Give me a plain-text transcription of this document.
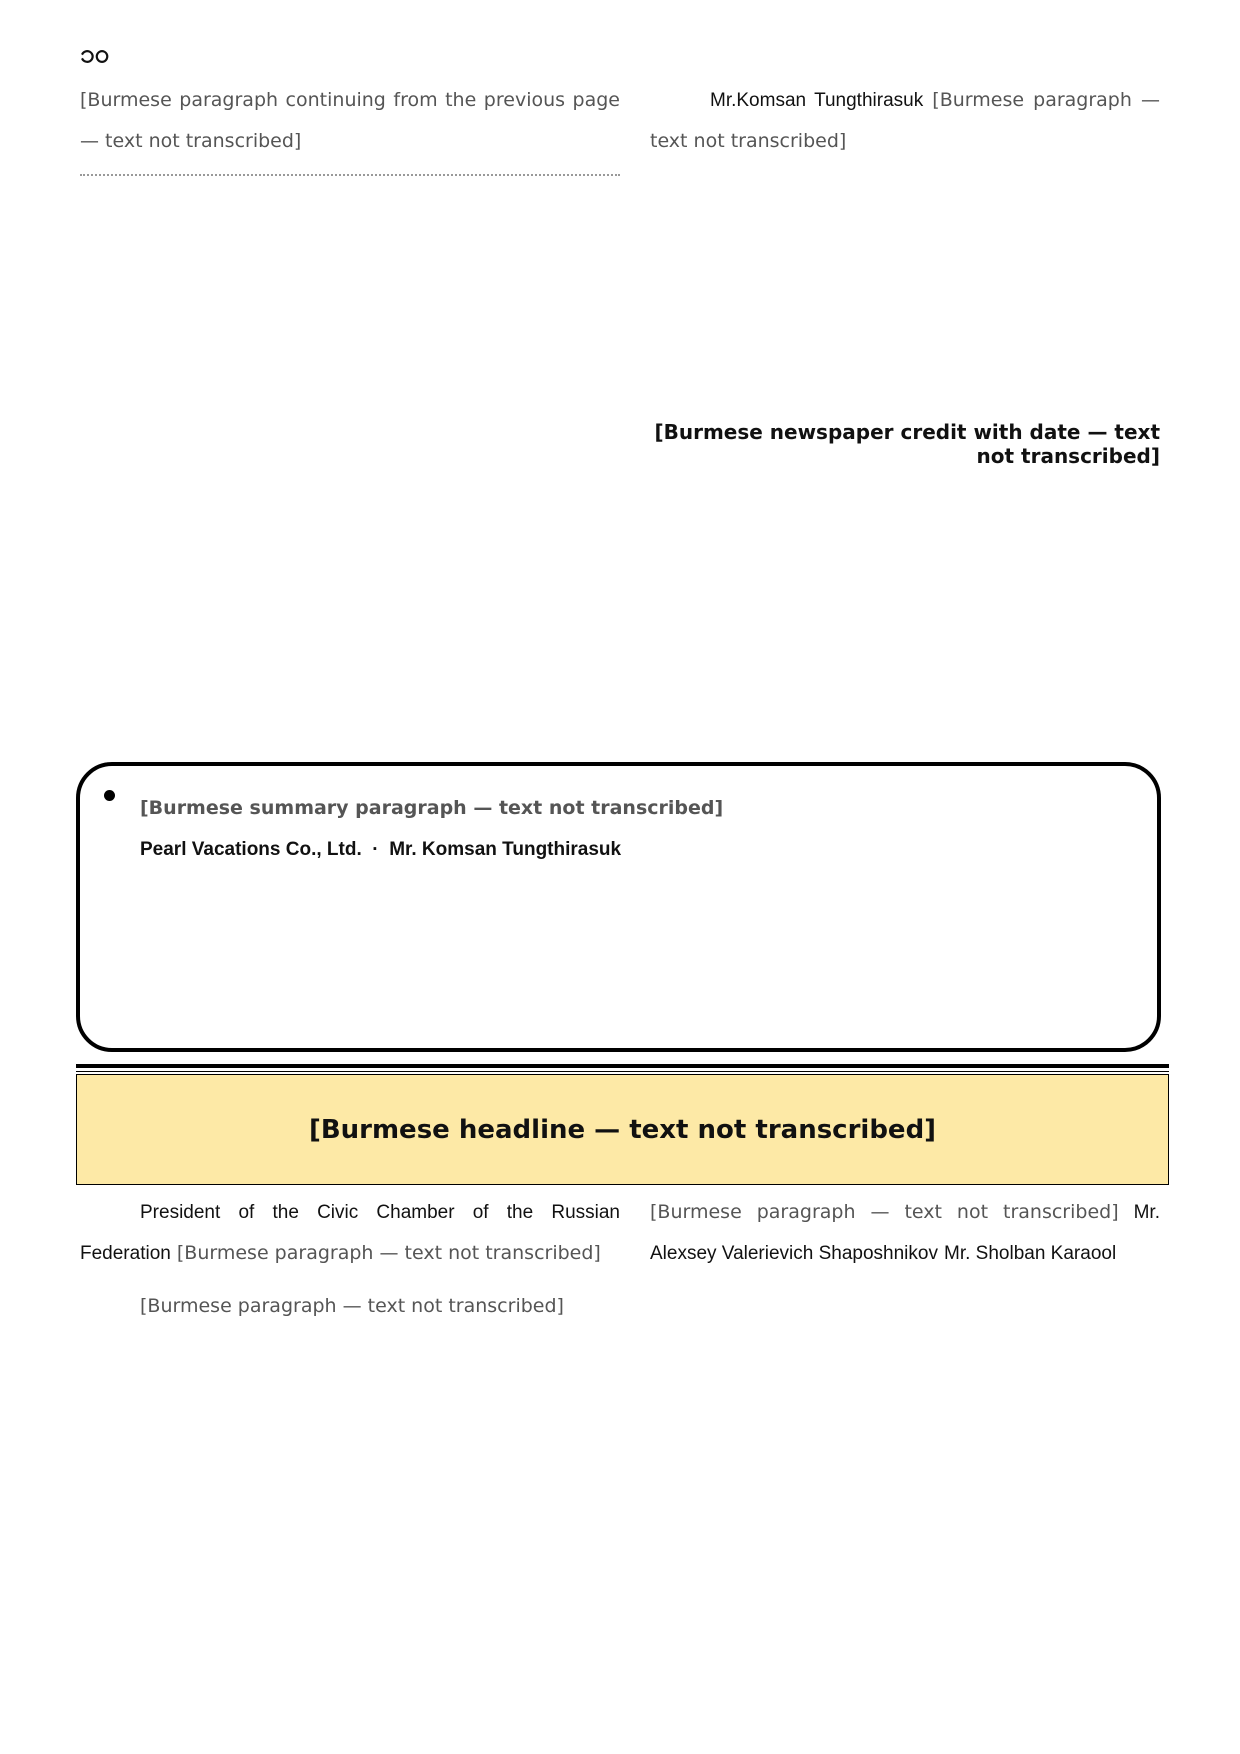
၁၀

[Burmese paragraph continuing from the previous page — text not transcribed]

Mr.Komsan Tungthirasuk [Burmese paragraph — text not transcribed]

[Burmese newspaper credit with date — text not transcribed]
[Burmese summary paragraph — text not transcribed]
Pearl Vacations Co., Ltd.  ·  Mr. Komsan Tungthirasuk
[Burmese headline — text not transcribed]

President of the Civic Chamber of the Russian Federation [Burmese paragraph — text not transcribed]

[Burmese paragraph — text not transcribed]

[Burmese paragraph — text not transcribed] Mr. Alexsey Valerievich Shaposhnikov Mr. Sholban Karaool
